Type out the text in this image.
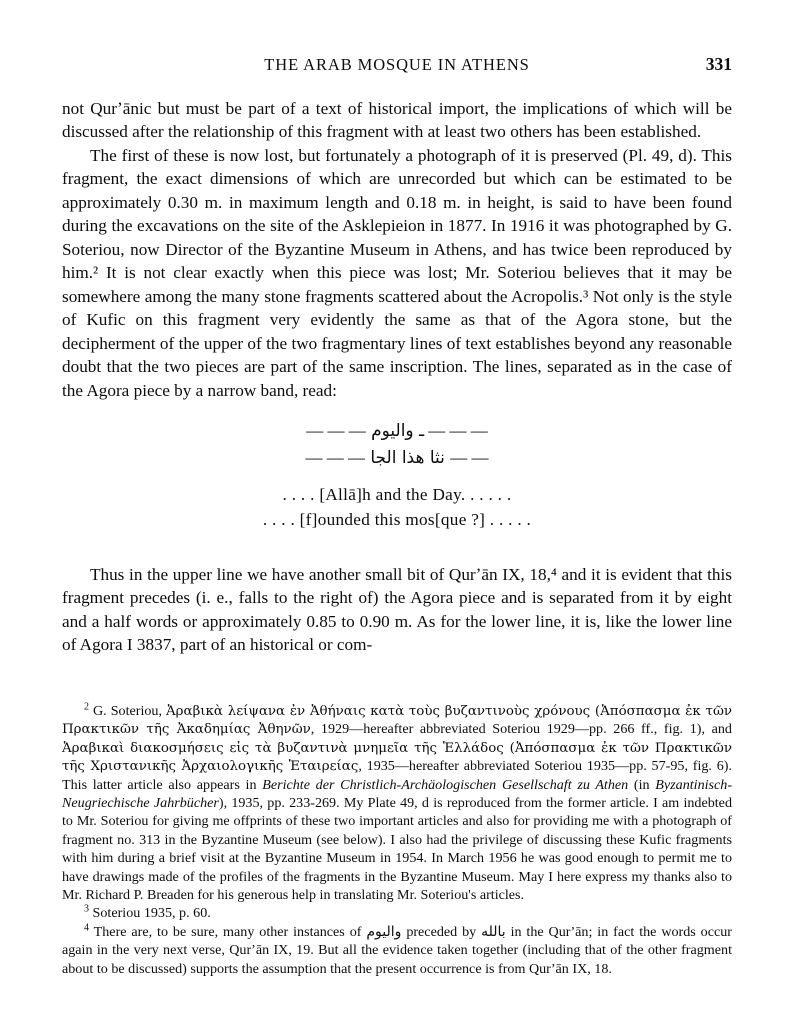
THE ARAB MOSQUE IN ATHENS	331

not Qurʼānic but must be part of a text of historical import, the implications of which will be discussed after the relationship of this fragment with at least two others has been established.

The first of these is now lost, but fortunately a photograph of it is preserved (Pl. 49, d). This fragment, the exact dimensions of which are unrecorded but which can be estimated to be approximately 0.30 m. in maximum length and 0.18 m. in height, is said to have been found during the excavations on the site of the Asklepieion in 1877. In 1916 it was photographed by G. Soteriou, now Director of the Byzantine Museum in Athens, and has twice been reproduced by him.² It is not clear exactly when this piece was lost; Mr. Soteriou believes that it may be somewhere among the many stone fragments scattered about the Acropolis.³ Not only is the style of Kufic on this fragment very evidently the same as that of the Agora stone, but the decipherment of the upper of the two fragmentary lines of text establishes beyond any reasonable doubt that the two pieces are part of the same inscription. The lines, separated as in the case of the Agora piece by a narrow band, read:

— — — ـ واليوم — — —
— — نثا هذا الجا — — —
. . . . [Allā]h and the Day. . . . . .
. . . . [f]ounded this mos[que ?] . . . . .

Thus in the upper line we have another small bit of Qurʼān IX, 18,⁴ and it is evident that this fragment precedes (i. e., falls to the right of) the Agora piece and is separated from it by eight and a half words or approximately 0.85 to 0.90 m. As for the lower line, it is, like the lower line of Agora I 3837, part of an historical or com-

$^2$ G. Soteriou, Ἀραβικὰ λείψανα ἐν Ἀθήναις κατὰ τοὺς βυζαντινοὺς χρόνους (Ἀπόσπασμα ἐκ τῶν Πρακτικῶν τῆς Ἀκαδημίας Ἀθηνῶν, 1929—hereafter abbreviated Soteriou 1929—pp. 266 ff., fig. 1), and Ἀραβικαὶ διακοσμήσεις εἰς τὰ βυζαντινὰ μνημεῖα τῆς Ἑλλάδος (Ἀπόσπασμα ἐκ τῶν Πρακτικῶν τῆς Χριστανικῆς Ἀρχαιολογικῆς Ἑταιρείας, 1935—hereafter abbreviated Soteriou 1935—pp. 57-95, fig. 6). This latter article also appears in Berichte der Christlich-Archäologischen Gesellschaft zu Athen (in Byzantinisch-Neugriechische Jahrbücher), 1935, pp. 233-269. My Plate 49, d is reproduced from the former article. I am indebted to Mr. Soteriou for giving me offprints of these two important articles and also for providing me with a photograph of fragment no. 313 in the Byzantine Museum (see below). I also had the privilege of discussing these Kufic fragments with him during a brief visit at the Byzantine Museum in 1954. In March 1956 he was good enough to permit me to have drawings made of the profiles of the fragments in the Byzantine Museum. May I here express my thanks also to Mr. Richard P. Breaden for his generous help in translating Mr. Soteriou's articles.

$^3$ Soteriou 1935, p. 60.

$^4$ There are, to be sure, many other instances of واليوم preceded by بالله in the Qurʼān; in fact the words occur again in the very next verse, Qurʼān IX, 19. But all the evidence taken together (including that of the other fragment about to be discussed) supports the assumption that the present occurrence is from Qurʼān IX, 18.
